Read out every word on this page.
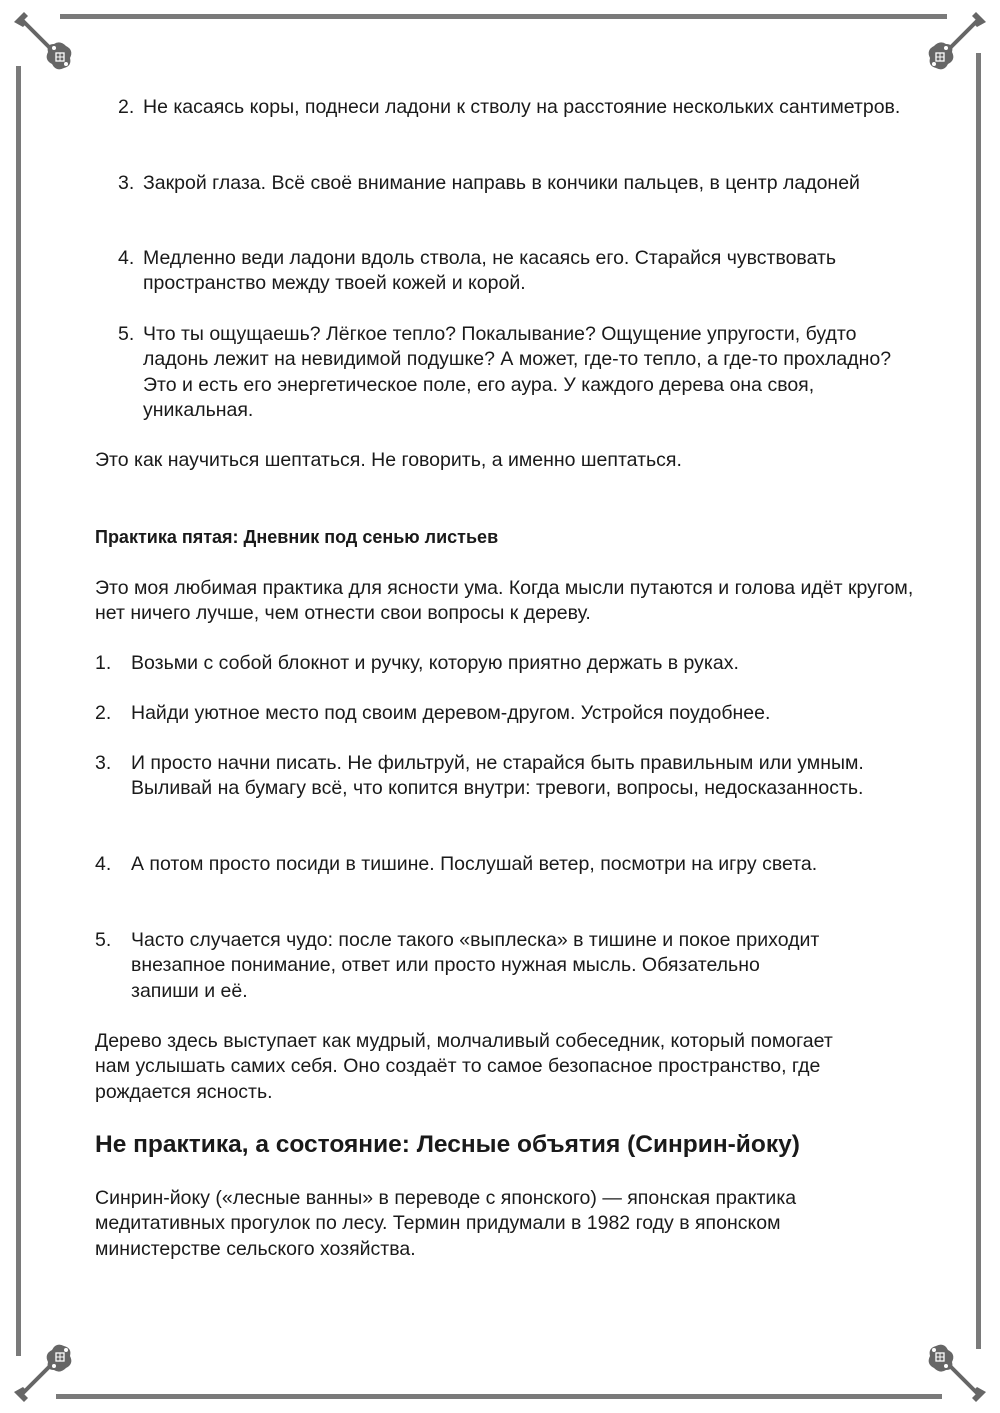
2. Не касаясь коры, поднеси ладони к стволу на расстояние нескольких сантиметров.
3. Закрой глаза. Всё своё внимание направь в кончики пальцев, в центр ладоней
4. Медленно веди ладони вдоль ствола, не касаясь его. Старайся чувствовать пространство между твоей кожей и корой.
5. Что ты ощущаешь? Лёгкое тепло? Покалывание? Ощущение упругости, будто ладонь лежит на невидимой подушке? А может, где-то тепло, а где-то прохладно? Это и есть его энергетическое поле, его аура. У каждого дерева она своя, уникальная.

Это как научиться шептаться. Не говорить, а именно шептаться.

Практика пятая: Дневник под сенью листьев

Это моя любимая практика для ясности ума. Когда мысли путаются и голова идёт кругом, нет ничего лучше, чем отнести свои вопросы к дереву.

1.	Возьми с собой блокнот и ручку, которую приятно держать в руках.
2.	Найди уютное место под своим деревом-другом. Устройся поудобнее.
3.	И просто начни писать. Не фильтруй, не старайся быть правильным или умным. Выливай на бумагу всё, что копится внутри: тревоги, вопросы, недосказанность.
4.	А потом просто посиди в тишине. Послушай ветер, посмотри на игру света.
5.	Часто случается чудо: после такого «выплеска» в тишине и покое приходит внезапное понимание, ответ или просто нужная мысль. Обязательно запиши и её.

Дерево здесь выступает как мудрый, молчаливый собеседник, который помогает нам услышать самих себя. Оно создаёт то самое безопасное пространство, где рождается ясность.

Не практика, а состояние: Лесные объятия (Синрин-йоку)

Синрин-йоку («лесные ванны» в переводе с японского) — японская практика медитативных прогулок по лесу. Термин придумали в 1982 году в японском министерстве сельского хозяйства.
